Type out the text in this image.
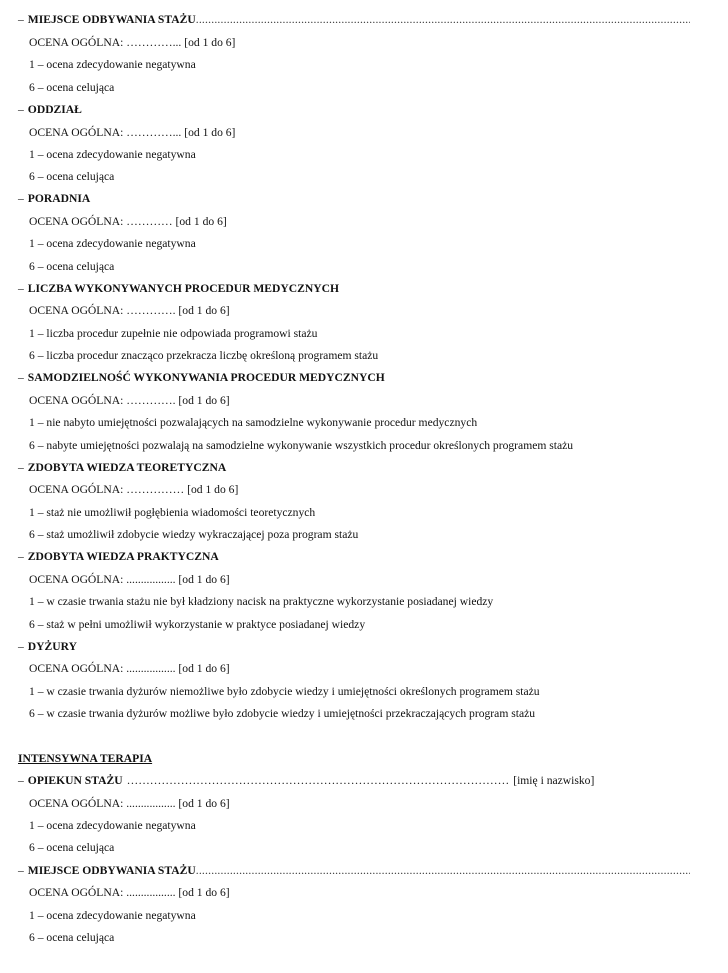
– MIEJSCE ODBYWANIA STAŻU
.....
OCENA OGÓLNA: …………... [od 1 do 6]
1 – ocena zdecydowanie negatywna
6 – ocena celująca
– ODDZIAŁ
OCENA OGÓLNA: …………... [od 1 do 6]
1 – ocena zdecydowanie negatywna
6 – ocena celująca
– PORADNIA
OCENA OGÓLNA: ………… [od 1 do 6]
1 – ocena zdecydowanie negatywna
6 – ocena celująca
– LICZBA WYKONYWANYCH PROCEDUR MEDYCZNYCH
OCENA OGÓLNA: …………. [od 1 do 6]
1 – liczba procedur zupełnie nie odpowiada programowi stażu
6 – liczba procedur znacząco przekracza liczbę określoną programem stażu
– SAMODZIELNOŚĆ WYKONYWANIA PROCEDUR MEDYCZNYCH
OCENA OGÓLNA: …………. [od 1 do 6]
1 – nie nabyto umiejętności pozwalających na samodzielne wykonywanie procedur medycznych
6 – nabyte umiejętności pozwalają na samodzielne wykonywanie wszystkich procedur określonych programem stażu
– ZDOBYTA WIEDZA TEORETYCZNA
OCENA OGÓLNA: …………… [od 1 do 6]
1 – staż nie umożliwił pogłębienia wiadomości teoretycznych
6 – staż umożliwił zdobycie wiedzy wykraczającej poza program stażu
– ZDOBYTA WIEDZA PRAKTYCZNA
OCENA OGÓLNA: ................. [od 1 do 6]
1 – w czasie trwania stażu nie był kładziony nacisk na praktyczne wykorzystanie posiadanej wiedzy
6 – staż w pełni umożliwił wykorzystanie w praktyce posiadanej wiedzy
– DYŻURY
OCENA OGÓLNA: ................. [od 1 do 6]
1 – w czasie trwania dyżurów niemożliwe było zdobycie wiedzy i umiejętności określonych programem stażu
6 – w czasie trwania dyżurów możliwe było zdobycie wiedzy i umiejętności przekraczających program stażu
INTENSYWNA TERAPIA
– OPIEKUN STAŻU ……………………………………………………………………………………… [imię i nazwisko]
OCENA OGÓLNA: ................. [od 1 do 6]
1 – ocena zdecydowanie negatywna
6 – ocena celująca
– MIEJSCE ODBYWANIA STAŻU
.....
OCENA OGÓLNA: ................. [od 1 do 6]
1 – ocena zdecydowanie negatywna
6 – ocena celująca
